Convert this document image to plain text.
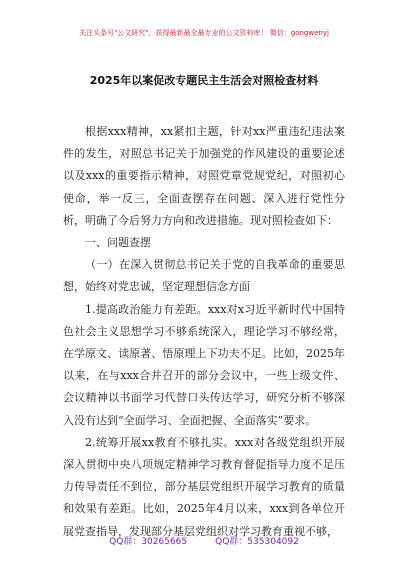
关注头条号"公文研究"，获得最新最全最专业的公文资料库！ 微信：gongwenyj
2025年以案促改专题民主生活会对照检查材料

根据xxx精神，xx紧扣主题，针对xx严重违纪违法案件的发生，对照总书记关于加强党的作风建设的重要论述以及xxx的重要指示精神，对照党章党规党纪，对照初心使命，举一反三，全面查摆存在问题、深入进行党性分析，明确了今后努力方向和改进措施。现对照检查如下：

一、问题查摆

（一）在深入贯彻总书记关于党的自我革命的重要思想，始终对党忠诚，坚定理想信念方面

1.提高政治能力有差距。xxx对x习近平新时代中国特色社会主义思想学习不够系统深入，理论学习不够经常，在学原文、读原著、悟原理上下功夫不足。比如，2025年以来，在与xxx合并召开的部分会议中，一些上级文件、会议精神以书面学习代替口头传达学习，研究分析不够深入没有达到“全面学习、全面把握、全面落实”要求。

2.统筹开展xx教育不够扎实。xxx对各级党组织开展深入贯彻中央八项规定精神学习教育督促指导力度不足压力传导责任不到位，部分基层党组织开展学习教育的质量和效果有差距。比如，2025年4月以来，xxx到各单位开展党查指导，发现部分基层党组织对学习教育重视不够，

QQ群：30265665	QQ群：535304092
